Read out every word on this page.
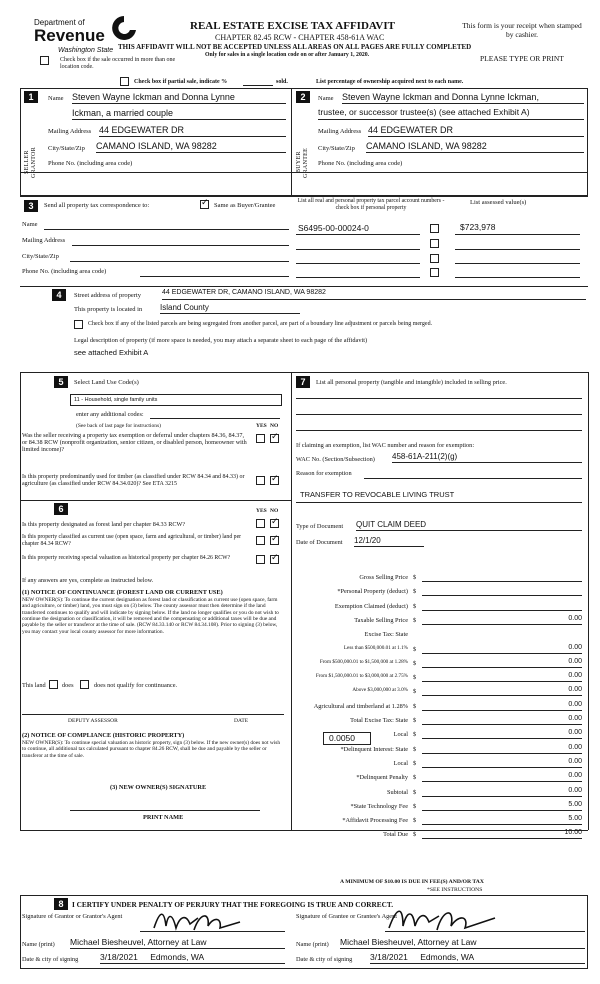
Department of
Revenue
Washington State
REAL ESTATE EXCISE TAX AFFIDAVIT
CHAPTER 82.45 RCW - CHAPTER 458-61A WAC
This form is your receipt when stamped by cashier.
THIS AFFIDAVIT WILL NOT BE ACCEPTED UNLESS ALL AREAS ON ALL PAGES ARE FULLY COMPLETED
Only for sales in a single location code on or after January 1, 2020.	PLEASE TYPE OR PRINT
Check box if the sale occurred in more than one location code.
Check box if partial sale, indicate %	sold.	List percentage of ownership acquired next to each name.
1
SELLER GRANTOR
Name Steven Wayne Ickman and Donna Lynne
Ickman, a married couple
Mailing Address 44 EDGEWATER DR
City/State/Zip CAMANO ISLAND, WA 98282
Phone No. (including area code)
2
BUYER GRANTEE
Name Steven Wayne Ickman and Donna Lynne Ickman,
trustee, or successor trustee(s) (see attached Exhibit A)
Mailing Address 44 EDGEWATER DR
City/State/Zip CAMANO ISLAND, WA 98282
Phone No. (including area code)
3	Send all property tax correspondence to:
✓	Same as Buyer/Grantee
List all real and personal property tax parcel account numbers - check box if personal property
List assessed value(s)
Name
Mailing Address
City/State/Zip
Phone No. (including area code)
S6495-00-00024-0	$723,978
4	Street address of property	44 EDGEWATER DR, CAMANO ISLAND, WA 98282
This property is located in Island County
Check box if any of the listed parcels are being segregated from another parcel, are part of a boundary line adjustment or parcels being merged.
Legal description of property (if more space is needed, you may attach a separate sheet to each page of the affidavit)
see attached Exhibit A
5	Select Land Use Code(s)
11 - Household, single family units
enter any additional codes:
(See back of last page for instructions)	YES NO
Was the seller receiving a property tax exemption or deferral under chapters 84.36, 84.37, or 84.38 RCW (nonprofit organization, senior citizen, or disabled person, homeowner with limited income)?
✓
Is this property predominantly used for timber (as classified under RCW 84.34 and 84.33) or agriculture (as classified under RCW 84.34.020)? See ETA 3215
✓
6	YES NO
Is this property designated as forest land per chapter 84.33 RCW?
✓
Is this property classified as current use (open space, farm and agricultural, or timber) land per chapter 84.34 RCW?
✓
Is this property receiving special valuation as historical property per chapter 84.26 RCW?
✓
If any answers are yes, complete as instructed below.
(1) NOTICE OF CONTINUANCE (FOREST LAND OR CURRENT USE)
NEW OWNER(S): To continue the current designation as forest land or classification as current use (open space, farm and agriculture, or timber) land, you must sign on (3) below. The county assessor must then determine if the land transferred continues to qualify and will indicate by signing below. If the land no longer qualifies or you do not wish to continue the designation or classification, it will be removed and the compensating or additional taxes will be due and payable by the seller or transferor at the time of sale. (RCW 84.33.140 or RCW 84.34.108). Prior to signing (3) below, you may contact your local county assessor for more information.
This land	does	does not qualify for continuance.
DEPUTY ASSESSOR	DATE
(2) NOTICE OF COMPLIANCE (HISTORIC PROPERTY)
NEW OWNER(S): To continue special valuation as historic property, sign (3) below. If the new owner(s) does not wish to continue, all additional tax calculated pursuant to chapter 84.26 RCW, shall be due and payable by the seller or transferor at the time of sale.
(3) NEW OWNER(S) SIGNATURE
PRINT NAME
7	List all personal property (tangible and intangible) included in selling price.
If claiming an exemption, list WAC number and reason for exemption:
WAC No. (Section/Subsection) 458-61A-211(2)(g)
Reason for exemption
TRANSFER TO REVOCABLE LIVING TRUST
Type of Document QUIT CLAIM DEED
Date of Document 12/1/20
Gross Selling Price $
*Personal Property (deduct) $
Exemption Claimed (deduct) $
Taxable Selling Price $	0.00
Excise Tax: State
Less than $500,000.01 at 1.1% $	0.00
From $500,000.01 to $1,500,000 at 1.28% $	0.00
From $1,500,000.01 to $3,000,000 at 2.75% $	0.00
Above $3,000,000 at 3.0% $	0.00
Agricultural and timberland at 1.28% $	0.00
Total Excise Tax: State $	0.00
Local $	0.00
*Delinquent Interest: State $	0.00
Local $	0.00
*Delinquent Penalty $	0.00
Subtotal $	0.00
*State Technology Fee $	5.00
*Affidavit Processing Fee $	5.00
Total Due $	10.00
0.0050
A MINIMUM OF $10.00 IS DUE IN FEE(S) AND/OR TAX
*SEE INSTRUCTIONS
8	I CERTIFY UNDER PENALTY OF PERJURY THAT THE FOREGOING IS TRUE AND CORRECT.
Signature of Grantor or Grantor's Agent	Signature of Grantee or Grantee's Agent
Name (print) Michael Biesheuvel, Attorney at Law	Name (print) Michael Biesheuvel, Attorney at Law
Date & city of signing	3/18/2021 Edmonds, WA	Date & city of signing 3/18/2021 Edmonds, WA
